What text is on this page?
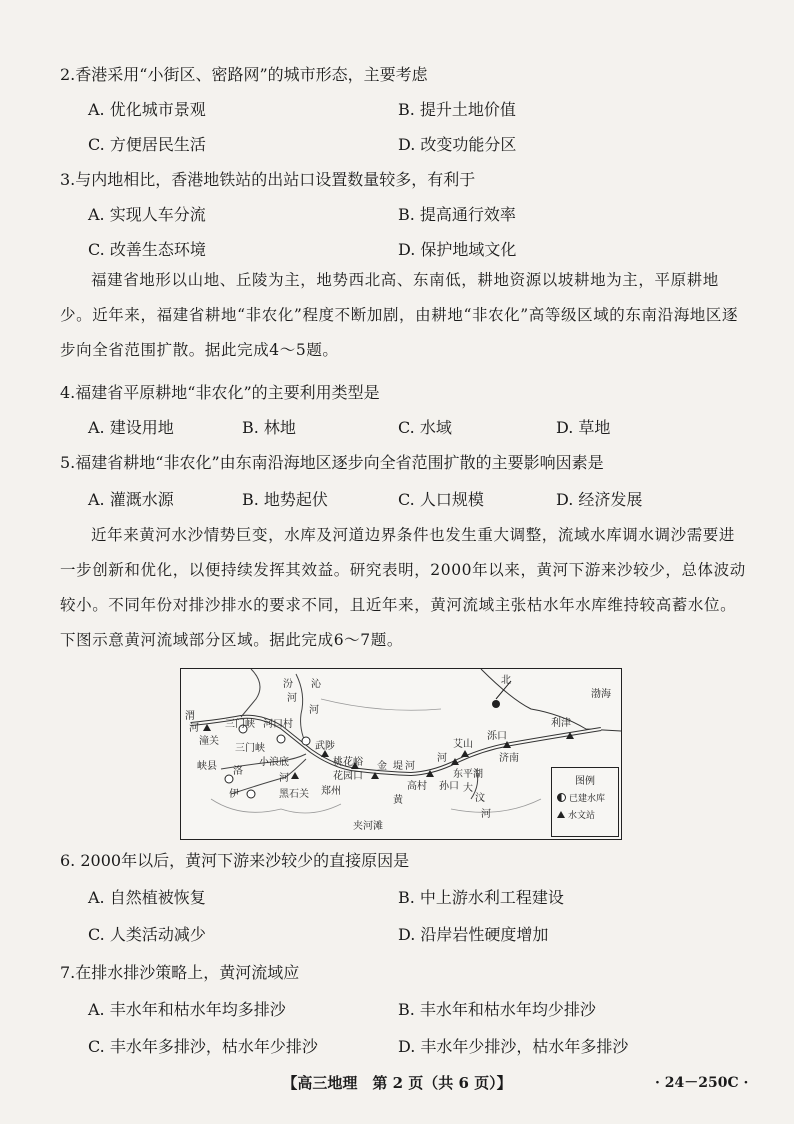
2.香港采用“小街区、密路网”的城市形态，主要考虑
A. 优化城市景观	B. 提升土地价值
C. 方便居民生活	D. 改变功能分区
3.与内地相比，香港地铁站的出站口设置数量较多，有利于
A. 实现人车分流	B. 提高通行效率
C. 改善生态环境	D. 保护地域文化

福建省地形以山地、丘陵为主，地势西北高、东南低，耕地资源以坡耕地为主，平原耕地少。近年来，福建省耕地“非农化”程度不断加剧，由耕地“非农化”高等级区域的东南沿海地区逐步向全省范围扩散。据此完成4～5题。

4.福建省平原耕地“非农化”的主要利用类型是
A. 建设用地	B. 林地	C. 水域	D. 草地
5.福建省耕地“非农化”由东南沿海地区逐步向全省范围扩散的主要影响因素是
A. 灌溉水源	B. 地势起伏	C. 人口规模	D. 经济发展

近年来黄河水沙情势巨变，水库及河道边界条件也发生重大调整，流域水库调水调沙需要进一步创新和优化，以便持续发挥其效益。研究表明，2000年以来，黄河下游来沙较少，总体波动较小。不同年份对排沙排水的要求不同，且近年来，黄河流域主张枯水年水库维持较高蓄水位。下图示意黄河流域部分区域。据此完成6～7题。

汾
河
沁
河
渭
河	三门峡 河口村
潼关
三门峡
小浪底
武陟
桃花峪
花园口
洛
河
峡县
伊	黑石关 郑州
夹河滩
高村 孙口
东平湖
艾山
泺口
济南
利津
渤海
北
黄
河
金 堤 河
大
汶
河
图例
已建水库
水文站
6. 2000年以后，黄河下游来沙较少的直接原因是
A. 自然植被恢复	B. 中上游水利工程建设
C. 人类活动减少	D. 沿岸岩性硬度增加
7.在排水排沙策略上，黄河流域应
A. 丰水年和枯水年均多排沙	B. 丰水年和枯水年均少排沙
C. 丰水年多排沙，枯水年少排沙	D. 丰水年少排沙，枯水年多排沙
【高三地理　第 2 页（共 6 页）】	· 24－250C ·
